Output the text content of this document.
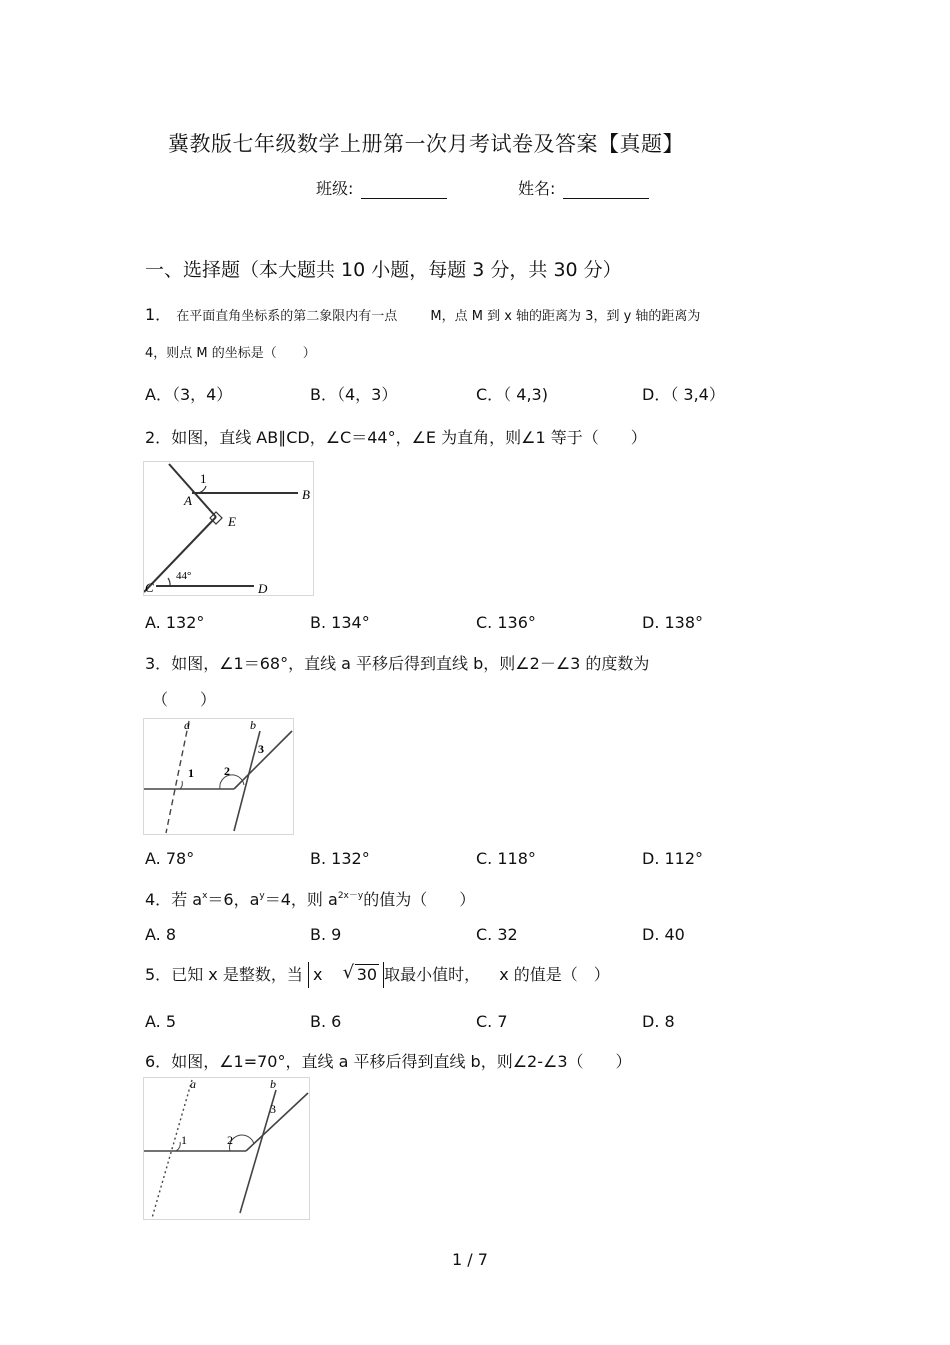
冀教版七年级数学上册第一次月考试卷及答案【真题】
班级:	姓名:
一、选择题（本大题共 10 小题，每题 3 分，共 30 分）
1． 在平面直角坐标系的第二象限内有一点	M，点 M 到 x 轴的距离为 3，到 y 轴的距离为
4，则点 M 的坐标是（　　）
A．（3，4）	B．（4，3）	C．（ 4,3)	D．（ 3,4）
2．如图，直线 AB∥CD，∠C＝44°，∠E 为直角，则∠1 等于（　　）
1
A	B
E
C	D
44°
A. 132°	B. 134°	C. 136°	D. 138°
3．如图，∠1＝68°，直线 a 平移后得到直线 b，则∠2－∠3 的度数为
（　　）
a	b
1	2
3
A. 78°	B. 132°	C. 118°	D. 112°
4．若 $a^x=6$，$a^y=4$，则 $a^{2x-y}$的值为（　　）
A. 8	B. 9	C. 32	D. 40
5．已知 x 是整数，当 x    √ 30 取最小值时， x 的值是（　）
A. 5	B. 6	C. 7	D. 8
6．如图，∠1=70°，直线 a 平移后得到直线 b，则∠2-∠3（　　）
a	b
1	2
3
1 / 7
